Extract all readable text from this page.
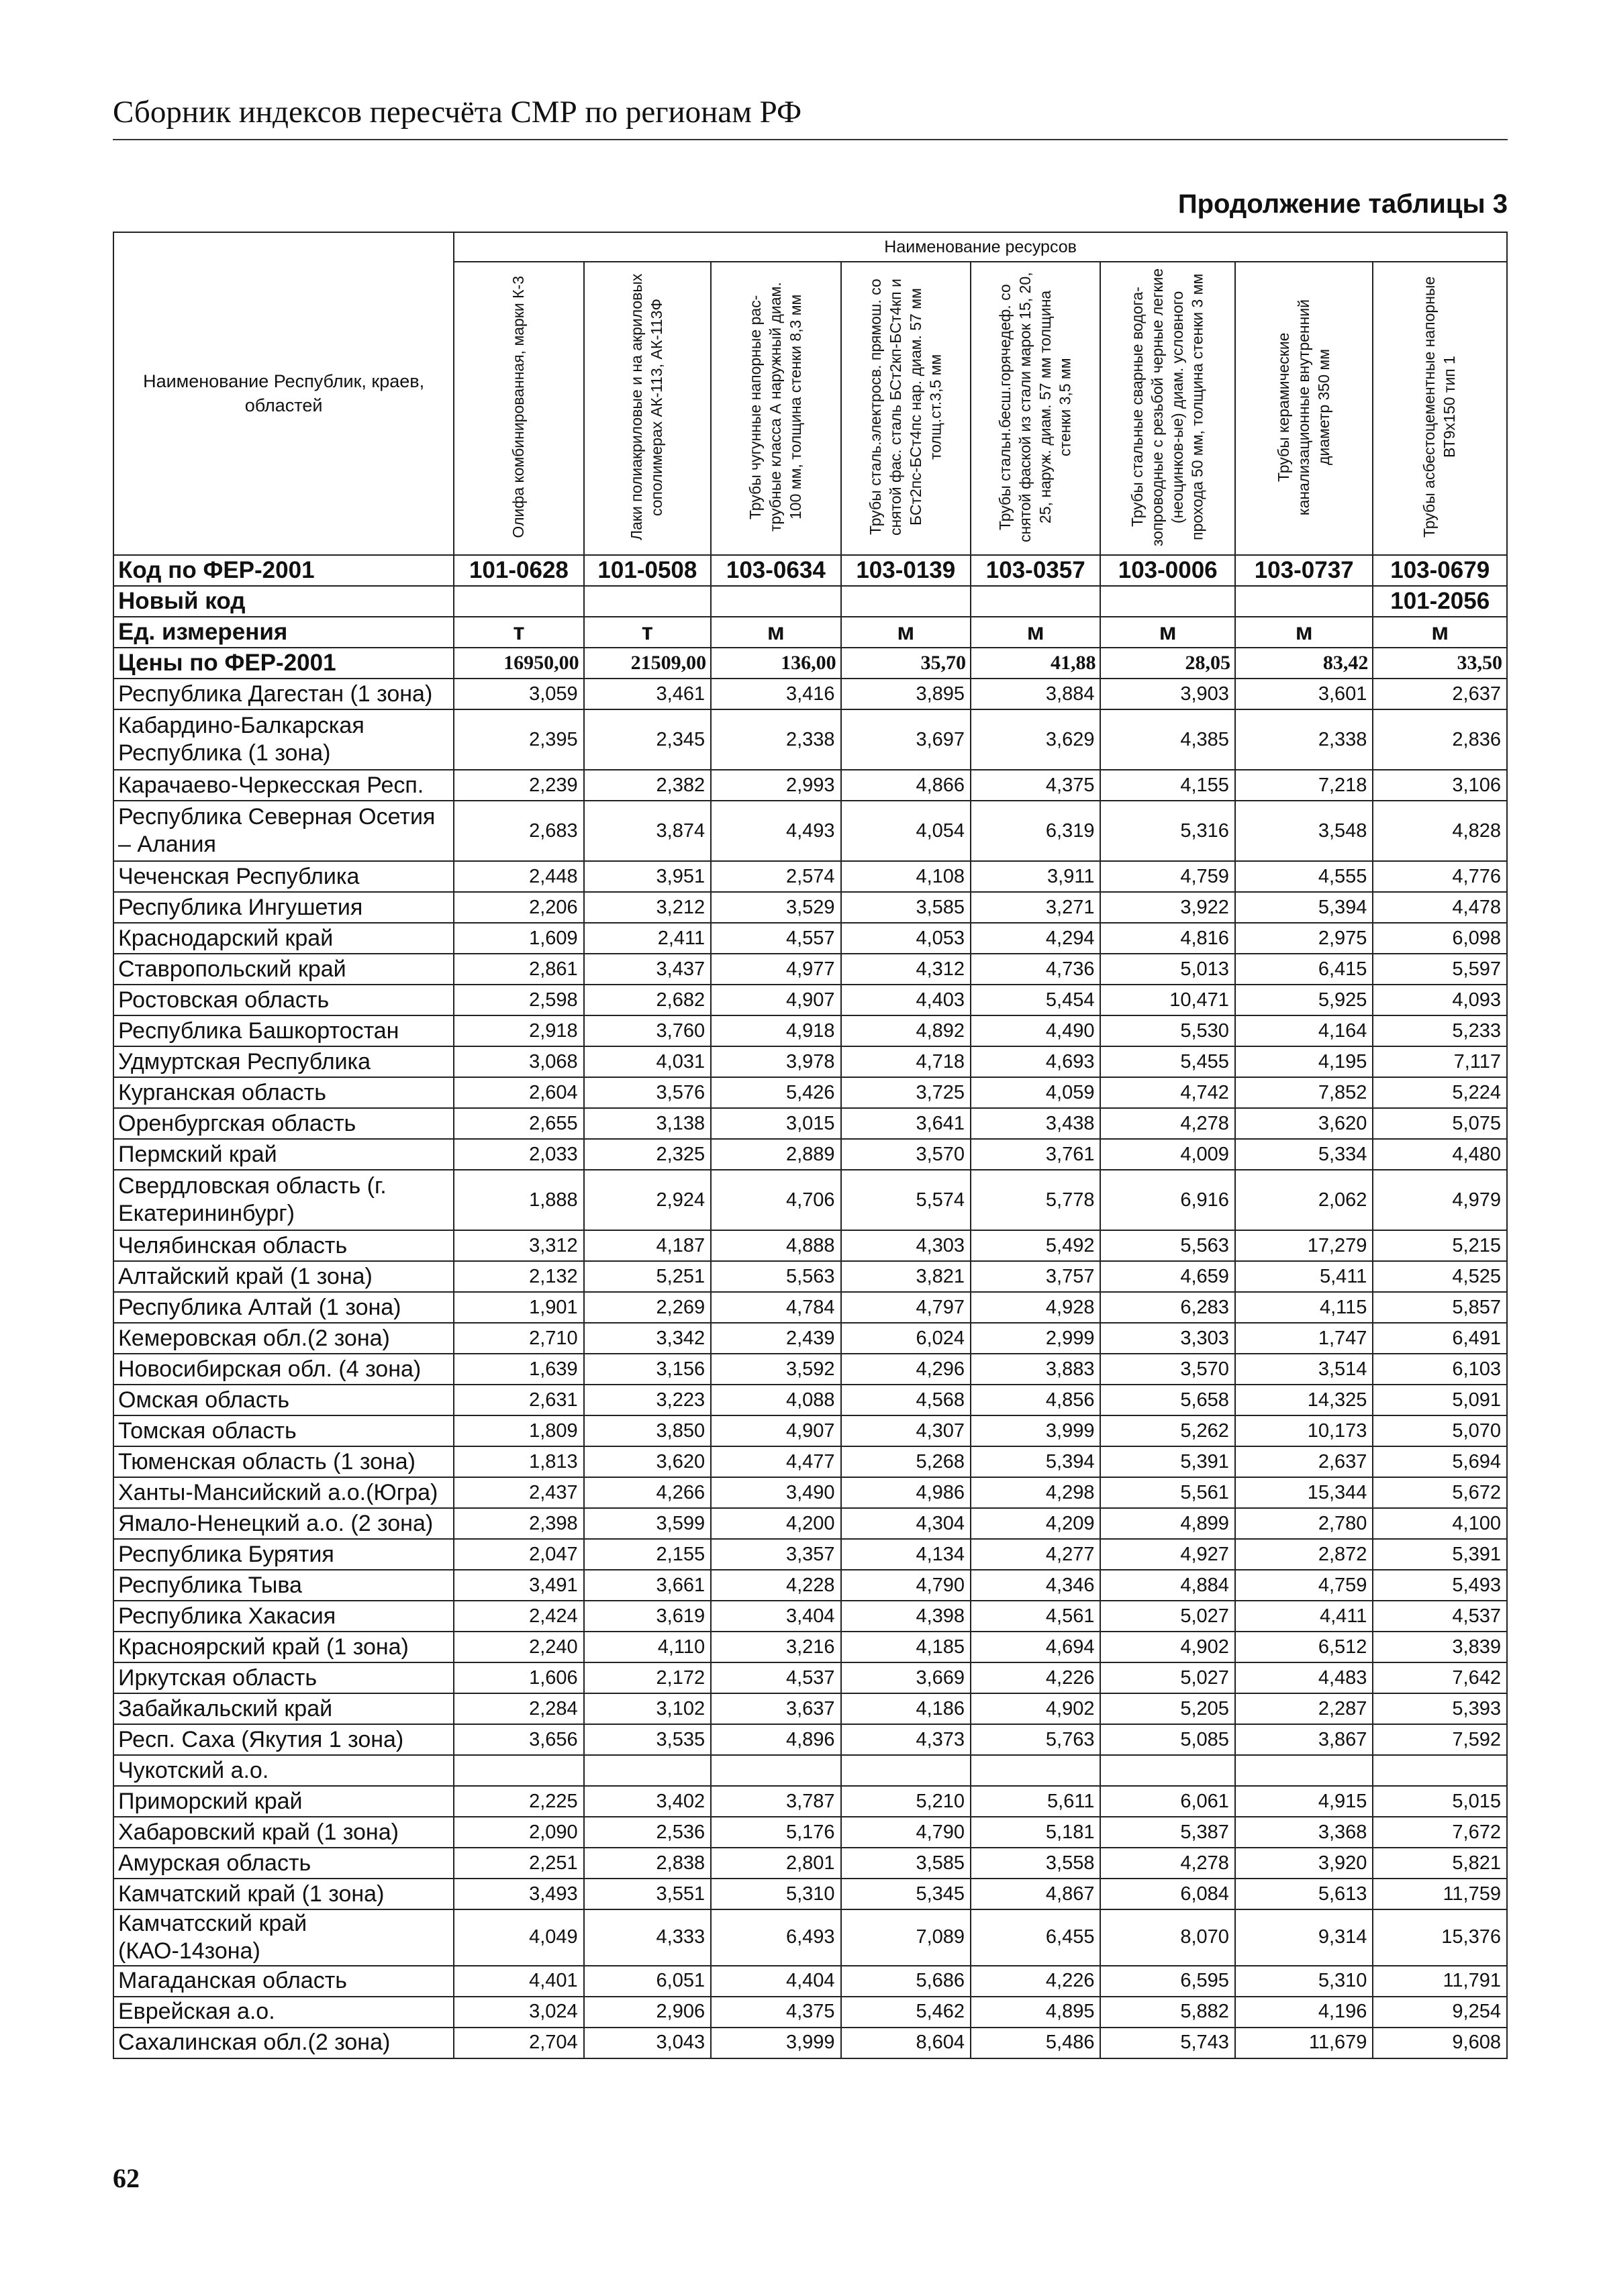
Сборник индексов пересчёта СМР по регионам РФ
Продолжение таблицы 3
Наименование Республик, краев, областей	Наименование ресурсов							
	Олифа комбинированная, марки К-3	Лаки полиакриловые и на акриловых сополимерах АК-113, АК-113Ф	Трубы чугунные напорные рас-трубные класса А наружный диам. 100 мм, толщина стенки 8,3 мм	Трубы сталь.электросв. прямош. со снятой фас. сталь БСт2кп-БСт4кп и БСт2пс-БСт4пс нар. диам. 57 мм толщ.ст.3,5 мм	Трубы стальн.бесш.горячедеф. со снятой фаской из стали марок 15, 20, 25, наруж. диам. 57 мм толщина стенки 3,5 мм	Трубы стальные сварные водога-зопроводные с резьбой черные легкие (неоцинков-ые) диам. условного прохода 50 мм, толщина стенки 3 мм	Трубы керамические канализационные внутренний диаметр 350 мм	Трубы асбестоцементные напорные ВТ9х150 тип 1
Код по ФЕР-2001	101-0628	101-0508	103-0634	103-0139	103-0357	103-0006	103-0737	103-0679
Новый код								101-2056
Ед. измерения	т	т	м	м	м	м	м	м
Цены по ФЕР-2001	16950,00	21509,00	136,00	35,70	41,88	28,05	83,42	33,50
Республика Дагестан (1 зона)	3,059	3,461	3,416	3,895	3,884	3,903	3,601	2,637
Кабардино-Балкарская Республика (1 зона)	2,395	2,345	2,338	3,697	3,629	4,385	2,338	2,836
Карачаево-Черкесская Респ.	2,239	2,382	2,993	4,866	4,375	4,155	7,218	3,106
Республика Северная Осетия – Алания	2,683	3,874	4,493	4,054	6,319	5,316	3,548	4,828
Чеченская Республика	2,448	3,951	2,574	4,108	3,911	4,759	4,555	4,776
Республика Ингушетия	2,206	3,212	3,529	3,585	3,271	3,922	5,394	4,478
Краснодарский край	1,609	2,411	4,557	4,053	4,294	4,816	2,975	6,098
Ставропольский край	2,861	3,437	4,977	4,312	4,736	5,013	6,415	5,597
Ростовская область	2,598	2,682	4,907	4,403	5,454	10,471	5,925	4,093
Республика Башкортостан	2,918	3,760	4,918	4,892	4,490	5,530	4,164	5,233
Удмуртская Республика	3,068	4,031	3,978	4,718	4,693	5,455	4,195	7,117
Курганская область	2,604	3,576	5,426	3,725	4,059	4,742	7,852	5,224
Оренбургская область	2,655	3,138	3,015	3,641	3,438	4,278	3,620	5,075
Пермский край	2,033	2,325	2,889	3,570	3,761	4,009	5,334	4,480
Свердловская область (г. Екатерининбург)	1,888	2,924	4,706	5,574	5,778	6,916	2,062	4,979
Челябинская область	3,312	4,187	4,888	4,303	5,492	5,563	17,279	5,215
Алтайский край (1 зона)	2,132	5,251	5,563	3,821	3,757	4,659	5,411	4,525
Республика Алтай (1 зона)	1,901	2,269	4,784	4,797	4,928	6,283	4,115	5,857
Кемеровская обл.(2 зона)	2,710	3,342	2,439	6,024	2,999	3,303	1,747	6,491
Новосибирская обл. (4 зона)	1,639	3,156	3,592	4,296	3,883	3,570	3,514	6,103
Омская область	2,631	3,223	4,088	4,568	4,856	5,658	14,325	5,091
Томская область	1,809	3,850	4,907	4,307	3,999	5,262	10,173	5,070
Тюменская область (1 зона)	1,813	3,620	4,477	5,268	5,394	5,391	2,637	5,694
Ханты-Мансийский а.о.(Югра)	2,437	4,266	3,490	4,986	4,298	5,561	15,344	5,672
Ямало-Ненецкий а.о. (2 зона)	2,398	3,599	4,200	4,304	4,209	4,899	2,780	4,100
Республика Бурятия	2,047	2,155	3,357	4,134	4,277	4,927	2,872	5,391
Республика Тыва	3,491	3,661	4,228	4,790	4,346	4,884	4,759	5,493
Республика Хакасия	2,424	3,619	3,404	4,398	4,561	5,027	4,411	4,537
Красноярский край (1 зона)	2,240	4,110	3,216	4,185	4,694	4,902	6,512	3,839
Иркутская область	1,606	2,172	4,537	3,669	4,226	5,027	4,483	7,642
Забайкальский край	2,284	3,102	3,637	4,186	4,902	5,205	2,287	5,393
Респ. Саха (Якутия 1 зона)	3,656	3,535	4,896	4,373	5,763	5,085	3,867	7,592
Чукотский а.о.								
Приморский край	2,225	3,402	3,787	5,210	5,611	6,061	4,915	5,015
Хабаровский край (1 зона)	2,090	2,536	5,176	4,790	5,181	5,387	3,368	7,672
Амурская область	2,251	2,838	2,801	3,585	3,558	4,278	3,920	5,821
Камчатский край (1 зона)	3,493	3,551	5,310	5,345	4,867	6,084	5,613	11,759
Камчатсский край (КАО-14зона)	4,049	4,333	6,493	7,089	6,455	8,070	9,314	15,376
Магаданская область	4,401	6,051	4,404	5,686	4,226	6,595	5,310	11,791
Еврейская а.о.	3,024	2,906	4,375	5,462	4,895	5,882	4,196	9,254
Сахалинская обл.(2 зона)	2,704	3,043	3,999	8,604	5,486	5,743	11,679	9,608
62
